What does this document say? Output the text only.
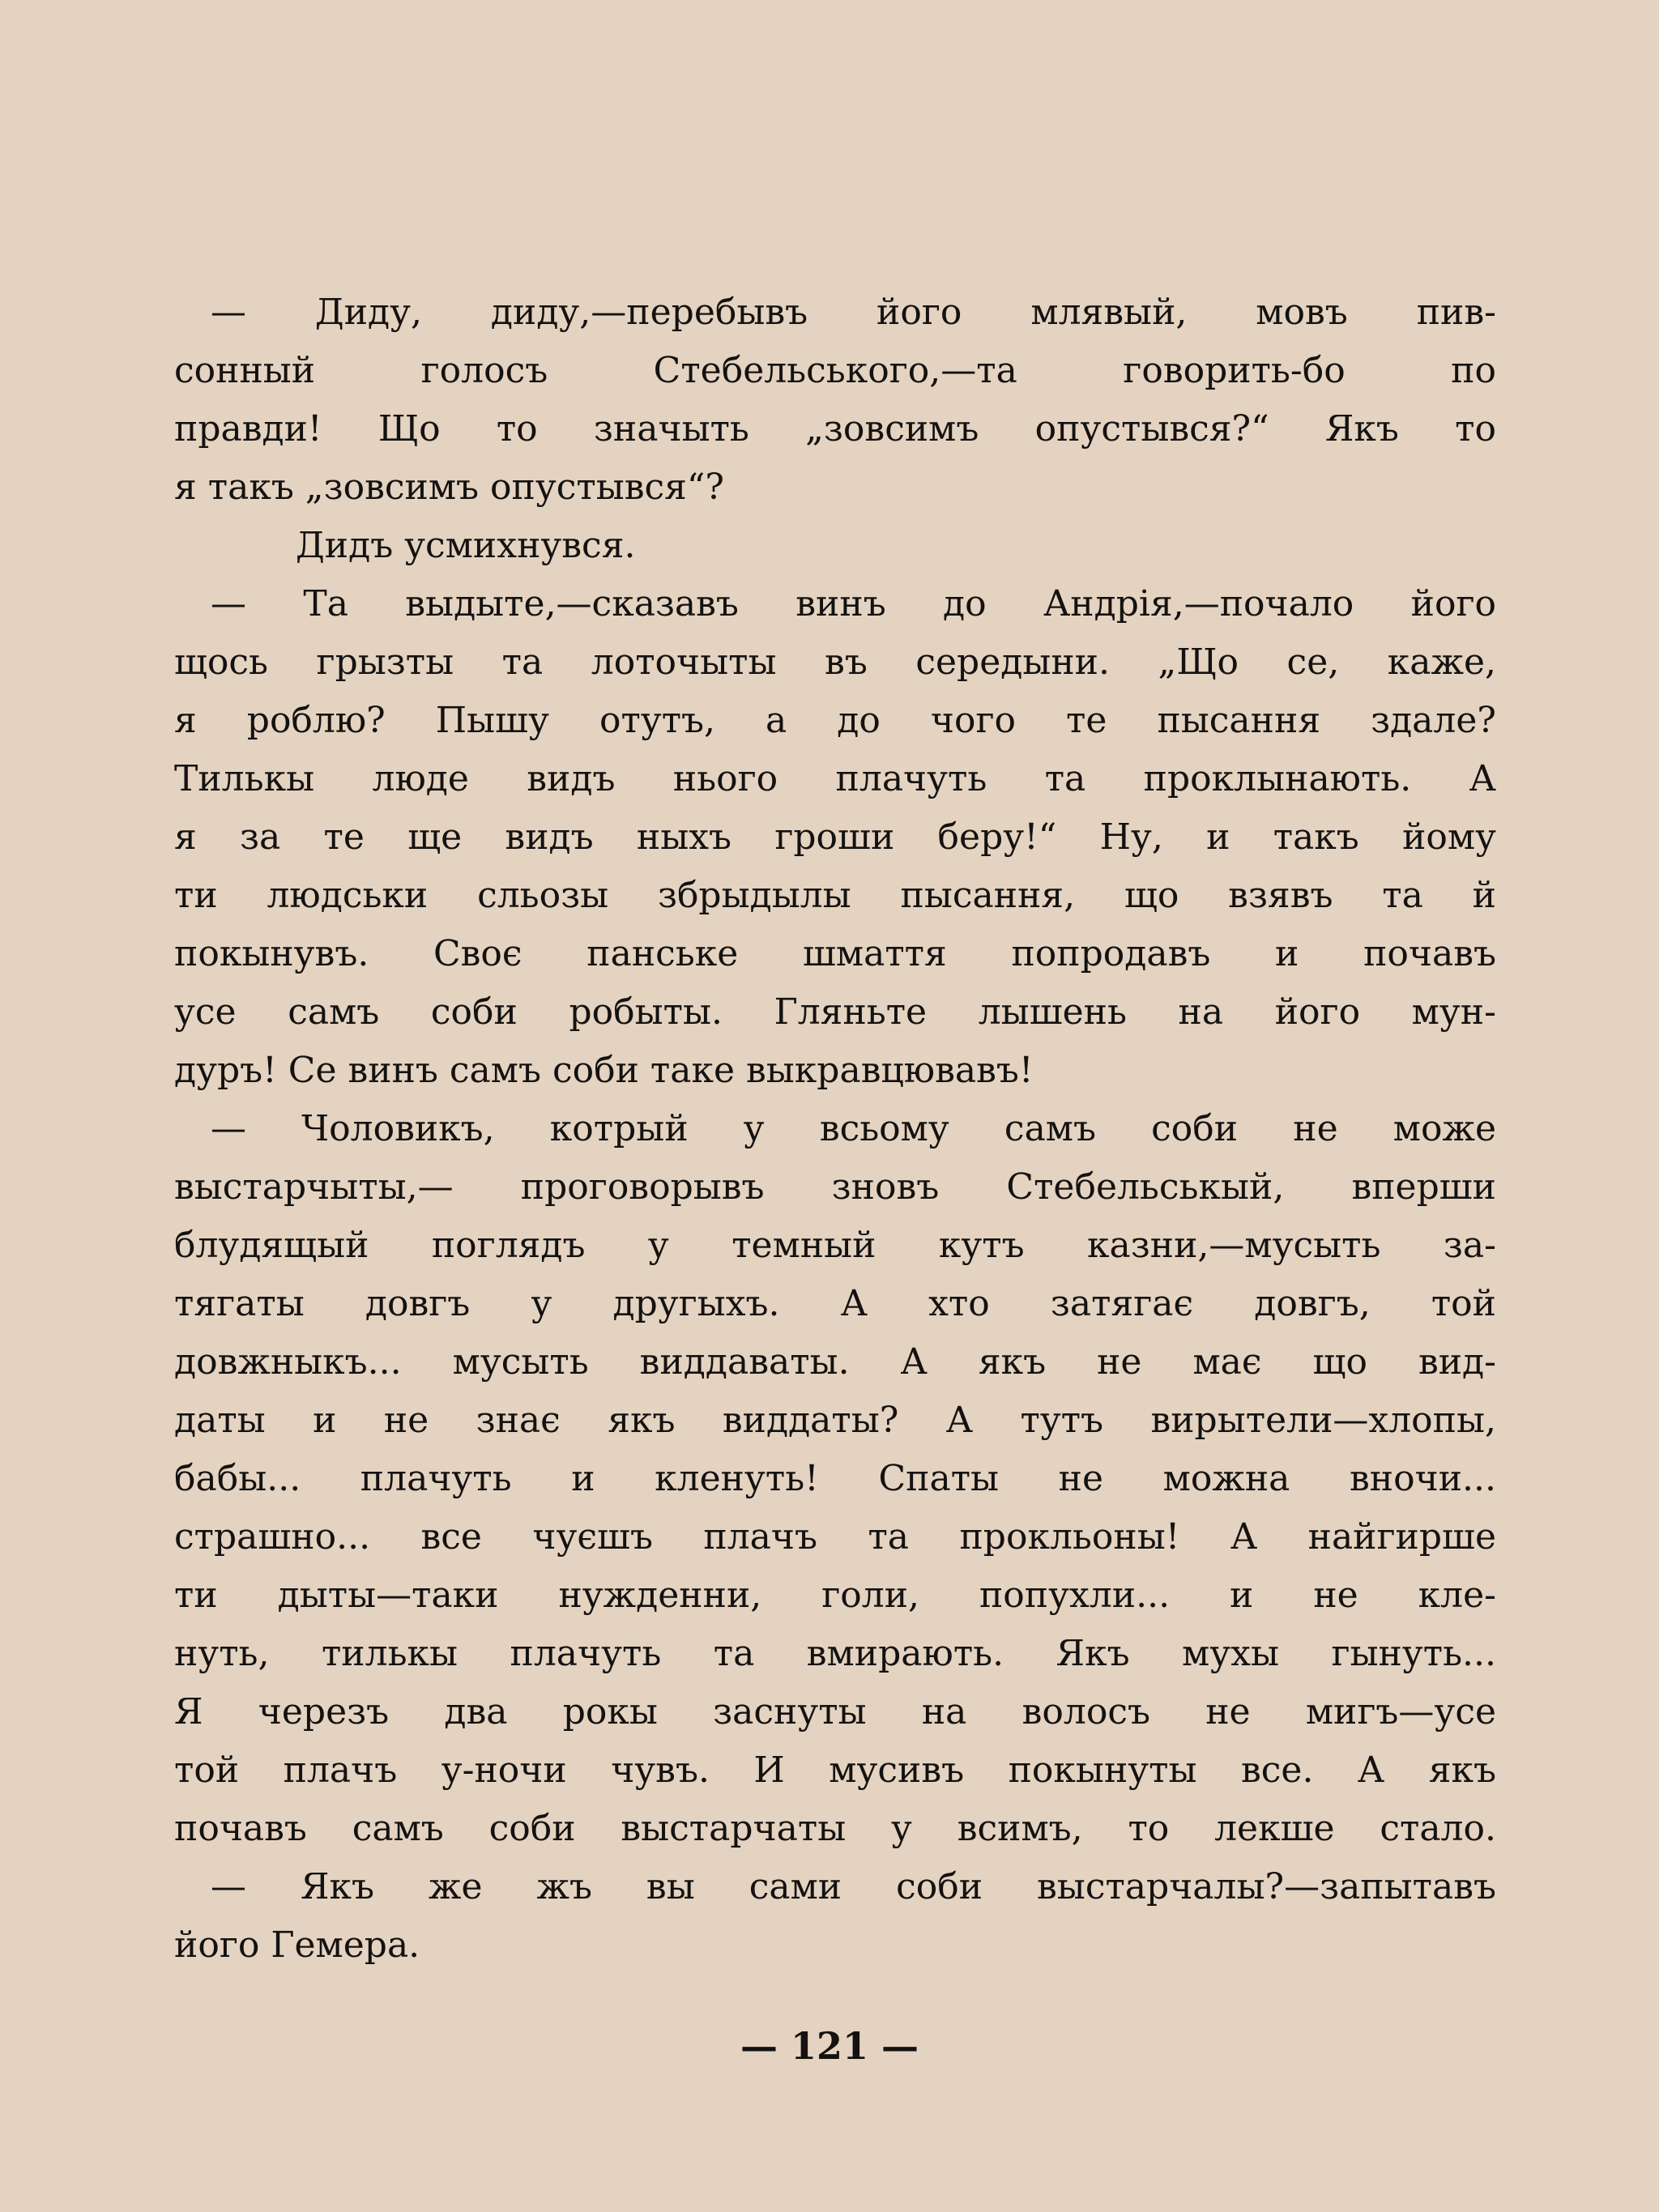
— Диду, диду,—перебывъ його млявый, мовъ пив-
сонный голосъ Стебельського,—та говорить-бо по
правди! Що то значыть „зовсимъ опустывся?“ Якъ то
я такъ „зовсимъ опустывся“?
Дидъ усмихнувся.
— Та выдыте,—сказавъ винъ до Андрія,—почало його
щось грызты та лоточыты въ середыни. „Що се, каже,
я роблю? Пышу отутъ, а до чого те пысання здале?
Тилькы люде видъ нього плачуть та проклынають. А
я за те ще видъ ныхъ гроши беру!“ Ну, и такъ йому
ти людськи сльозы збрыдылы пысання, що взявъ та й
покынувъ. Своє панське шмаття попродавъ и почавъ
усе самъ соби робыты. Гляньте лышень на його мун-
дуръ! Се винъ самъ соби таке выкравцювавъ!
— Чоловикъ, котрый у всьому самъ соби не може
выстарчыты,— проговорывъ зновъ Стебельськый, вперши
блудящый поглядъ у темный кутъ казни,—мусыть за-
тягаты довгъ у другыхъ. А хто затягає довгъ, той
довжныкъ... мусыть виддаваты. А якъ не має що вид-
даты и не знає якъ виддаты? А тутъ вирытели—хлопы,
бабы... плачуть и кленуть! Спаты не можна вночи...
страшно... все чуєшъ плачъ та прокльоны! А найгирше
ти дыты—таки нужденни, голи, попухли... и не кле-
нуть, тилькы плачуть та вмирають. Якъ мухы гынуть...
Я черезъ два рокы заснуты на волосъ не мигъ—усе
той плачъ у-ночи чувъ. И мусивъ покынуты все. А якъ
почавъ самъ соби выстарчаты у всимъ, то лекше стало.
— Якъ же жъ вы сами соби выстарчалы?—запытавъ
його Гемера.
— 121 —
